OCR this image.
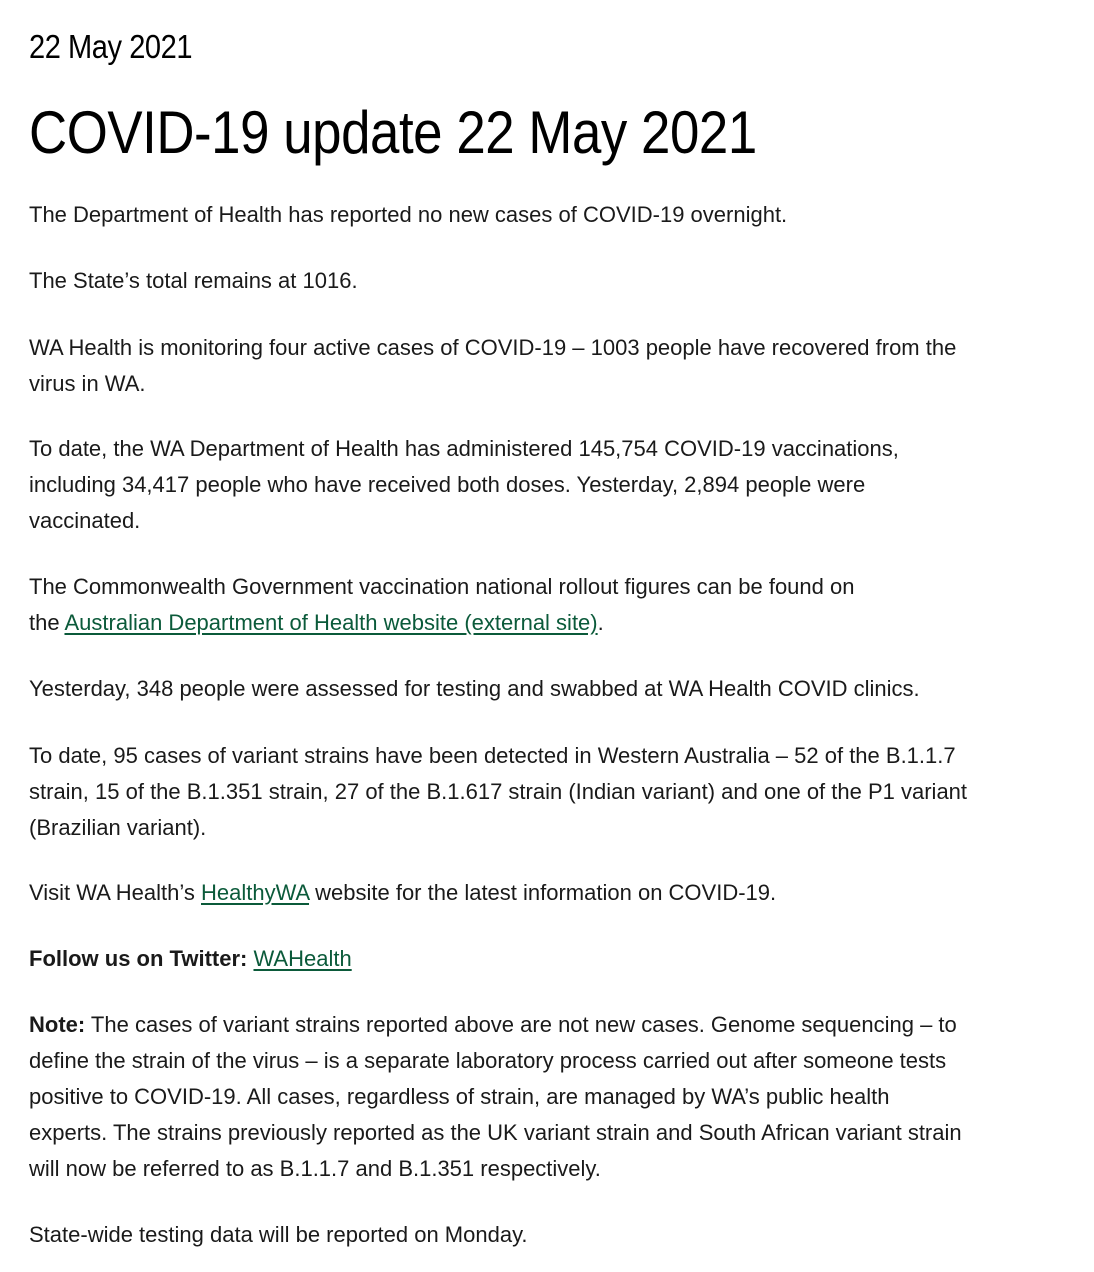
22 May 2021
COVID-19 update 22 May 2021

The Department of Health has reported no new cases of COVID-19 overnight.

The State’s total remains at 1016.

WA Health is monitoring four active cases of COVID-19 – 1003 people have recovered from the
virus in WA.

To date, the WA Department of Health has administered 145,754 COVID-19 vaccinations,
including 34,417 people who have received both doses. Yesterday, 2,894 people were
vaccinated.

The Commonwealth Government vaccination national rollout figures can be found on
the Australian Department of Health website (external site).

Yesterday, 348 people were assessed for testing and swabbed at WA Health COVID clinics.

To date, 95 cases of variant strains have been detected in Western Australia – 52 of the B.1.1.7
strain, 15 of the B.1.351 strain, 27 of the B.1.617 strain (Indian variant) and one of the P1 variant
(Brazilian variant).

Visit WA Health’s HealthyWA website for the latest information on COVID-19.

Follow us on Twitter: WAHealth

Note: The cases of variant strains reported above are not new cases. Genome sequencing – to
define the strain of the virus – is a separate laboratory process carried out after someone tests
positive to COVID-19. All cases, regardless of strain, are managed by WA’s public health
experts. The strains previously reported as the UK variant strain and South African variant strain
will now be referred to as B.1.1.7 and B.1.351 respectively.

State-wide testing data will be reported on Monday.
